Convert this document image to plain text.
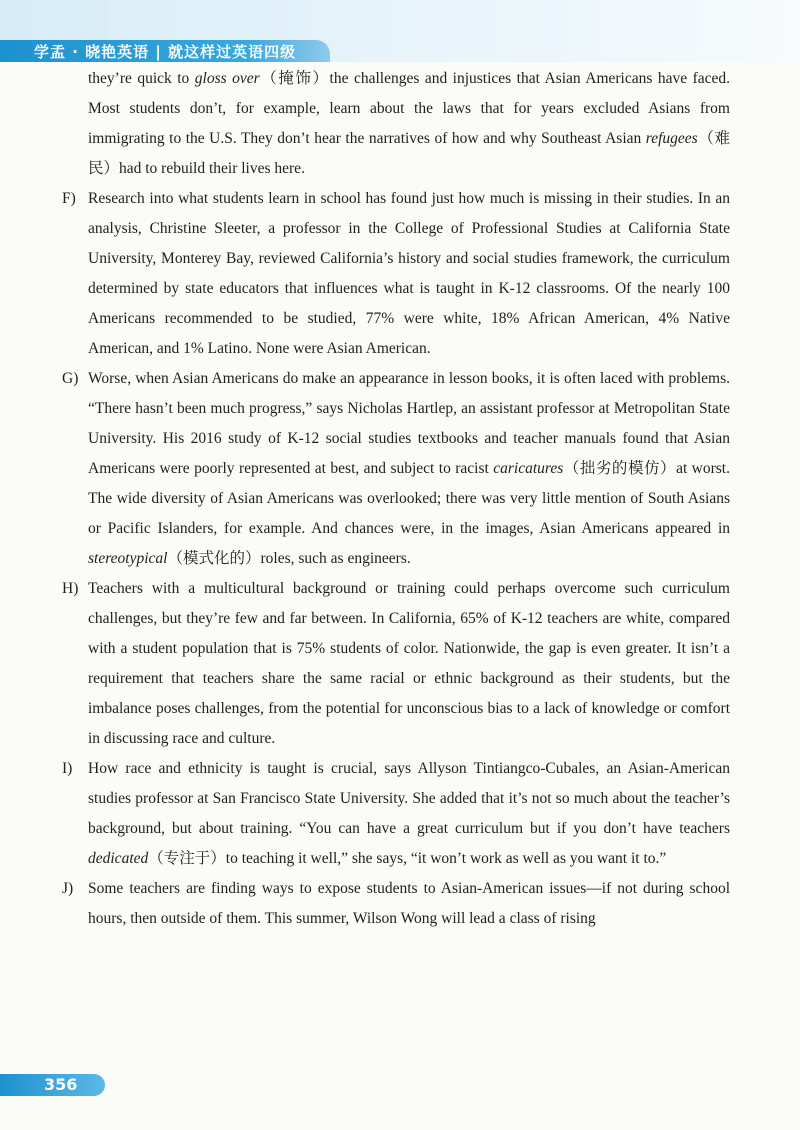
学孟 · 晓艳英语 | 就这样过英语四级

they’re quick to gloss over（掩饰）the challenges and injustices that Asian Americans have faced. Most students don’t, for example, learn about the laws that for years excluded Asians from immigrating to the U.S. They don’t hear the narratives of how and why Southeast Asian refugees（难民）had to rebuild their lives here.

F) Research into what students learn in school has found just how much is missing in their studies. In an analysis, Christine Sleeter, a professor in the College of Professional Studies at California State University, Monterey Bay, reviewed California’s history and social studies framework, the curriculum determined by state educators that influences what is taught in K-12 classrooms. Of the nearly 100 Americans recommended to be studied, 77% were white, 18% African American, 4% Native American, and 1% Latino. None were Asian American.

G) Worse, when Asian Americans do make an appearance in lesson books, it is often laced with problems. “There hasn’t been much progress,” says Nicholas Hartlep, an assistant professor at Metropolitan State University. His 2016 study of K-12 social studies textbooks and teacher manuals found that Asian Americans were poorly represented at best, and subject to racist caricatures（拙劣的模仿）at worst. The wide diversity of Asian Americans was overlooked; there was very little mention of South Asians or Pacific Islanders, for example. And chances were, in the images, Asian Americans appeared in stereotypical（模式化的）roles, such as engineers.

H) Teachers with a multicultural background or training could perhaps overcome such curriculum challenges, but they’re few and far between. In California, 65% of K-12 teachers are white, compared with a student population that is 75% students of color. Nationwide, the gap is even greater. It isn’t a requirement that teachers share the same racial or ethnic background as their students, but the imbalance poses challenges, from the potential for unconscious bias to a lack of knowledge or comfort in discussing race and culture.

I)	How race and ethnicity is taught is crucial, says Allyson Tintiangco-Cubales, an Asian-American studies professor at San Francisco State University. She added that it’s not so much about the teacher’s background, but about training. “You can have a great curriculum but if you don’t have teachers dedicated（专注于）to teaching it well,” she says, “it won’t work as well as you want it to.”

J) Some teachers are finding ways to expose students to Asian-American issues—if not during school hours, then outside of them. This summer, Wilson Wong will lead a class of rising

356
